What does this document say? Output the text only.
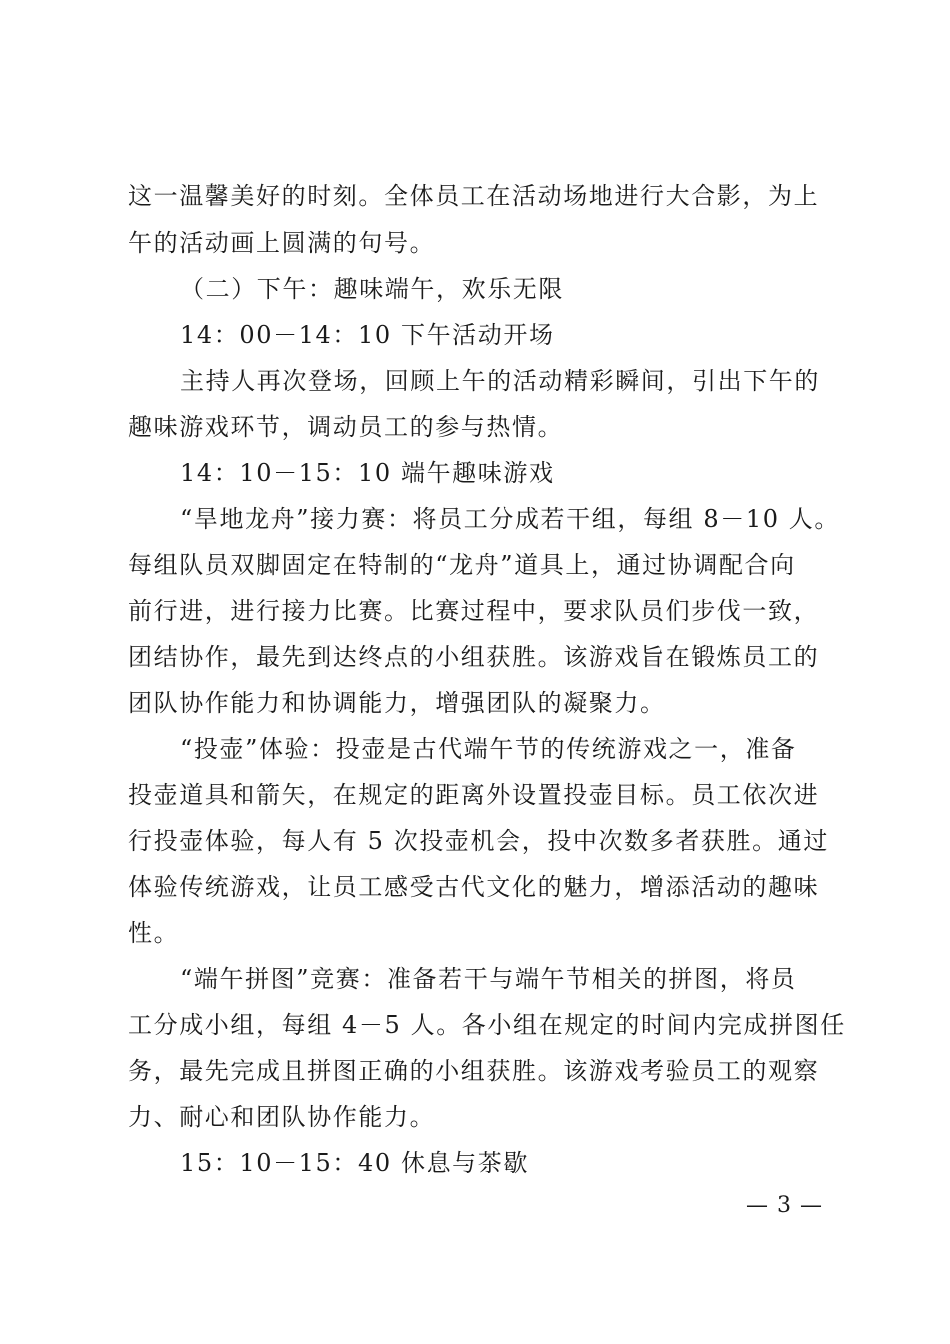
这一温馨美好的时刻。全体员工在活动场地进行大合影，为上
午的活动画上圆满的句号。
（二）下午：趣味端午，欢乐无限
14：00－14：10 下午活动开场
主持人再次登场，回顾上午的活动精彩瞬间，引出下午的
趣味游戏环节，调动员工的参与热情。
14：10－15：10 端午趣味游戏
“旱地龙舟”接力赛：将员工分成若干组，每组 8－10 人。
每组队员双脚固定在特制的“龙舟”道具上，通过协调配合向
前行进，进行接力比赛。比赛过程中，要求队员们步伐一致，
团结协作，最先到达终点的小组获胜。该游戏旨在锻炼员工的
团队协作能力和协调能力，增强团队的凝聚力。
“投壶”体验：投壶是古代端午节的传统游戏之一，准备
投壶道具和箭矢，在规定的距离外设置投壶目标。员工依次进
行投壶体验，每人有 5 次投壶机会，投中次数多者获胜。通过
体验传统游戏，让员工感受古代文化的魅力，增添活动的趣味
性。
“端午拼图”竞赛：准备若干与端午节相关的拼图，将员
工分成小组，每组 4－5 人。各小组在规定的时间内完成拼图任
务，最先完成且拼图正确的小组获胜。该游戏考验员工的观察
力、耐心和团队协作能力。
15：10－15：40 休息与茶歇
— 3 —
